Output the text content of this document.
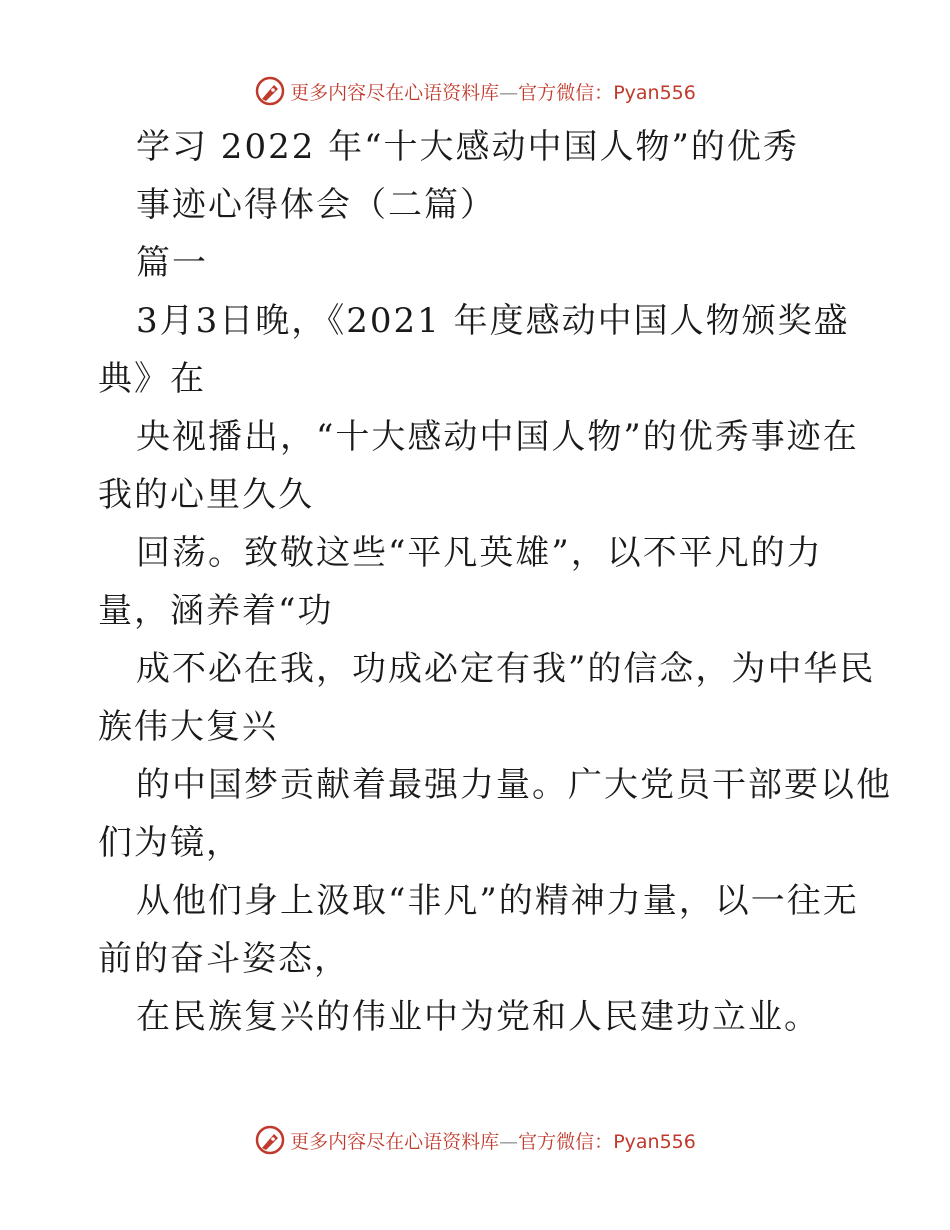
更多内容尽在心语资料库—官方微信：Pyan556
学习 2022 年“十大感动中国人物”的优秀
事迹心得体会（二篇）
篇一
3月3日晚，《2021 年度感动中国人物颁奖盛
典》在
央视播出，“十大感动中国人物”的优秀事迹在
我的心里久久
回荡。致敬这些“平凡英雄”，以不平凡的力
量，涵养着“功
成不必在我，功成必定有我”的信念，为中华民
族伟大复兴
的中国梦贡献着最强力量。广大党员干部要以他
们为镜，
从他们身上汲取“非凡”的精神力量，以一往无
前的奋斗姿态，
在民族复兴的伟业中为党和人民建功立业。
更多内容尽在心语资料库—官方微信：Pyan556
